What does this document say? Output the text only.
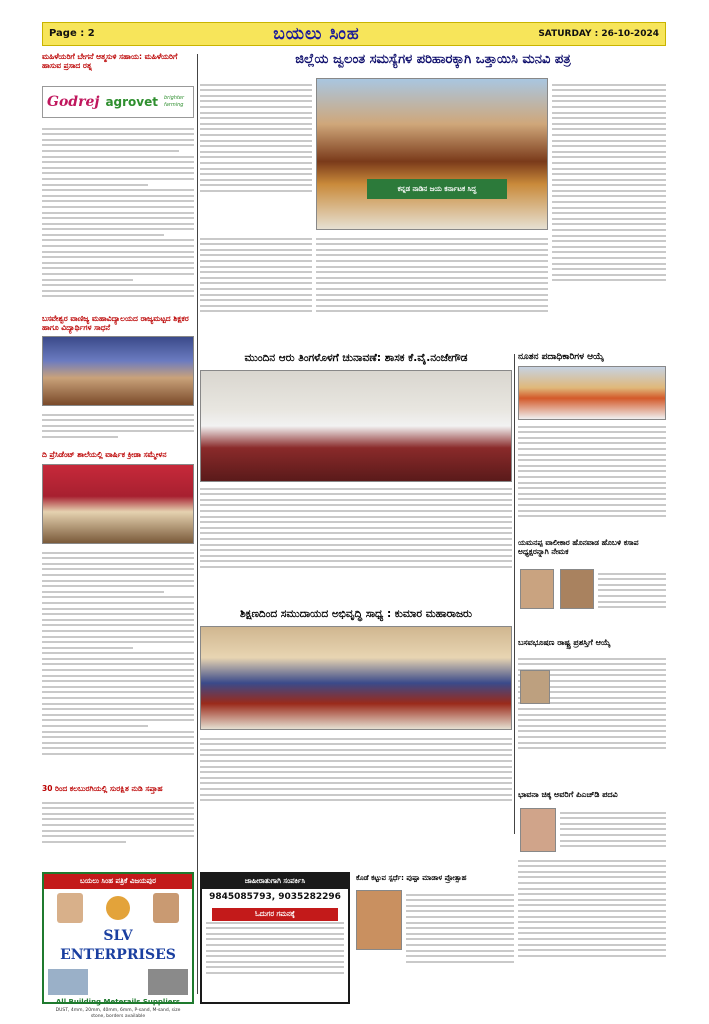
Page : 2	ಬಯಲು ಸಿಂಹ	SATURDAY : 26-10-2024
ಮಹಿಳೆಯರಿಗೆ ಬೇಗನೆ ಆತ್ಮಸುಳಿ ಸಹಾಯ: ಮಹಿಳೆಯರಿಗೆ ಹಾಸುವ ಪ್ರಸಾದ ರತ್ನ
Godrej agrovet brighter farming
ಬಸವೇಶ್ವರ ವಾಣಿಜ್ಯ ಮಹಾವಿದ್ಯಾಲಯದ ರಾಜ್ಯಮಟ್ಟದ ಶಿಕ್ಷಕರ ಹಾಗೂ ವಿದ್ಯಾರ್ಥಿಗಳ ಸಾಧನೆ
ದಿ ಪ್ರೆಸಿಡೆಂಟ್ ಶಾಲೆಯಲ್ಲಿ ವಾರ್ಷಿಕ ಕ್ರೀಡಾ ಸಮ್ಮೇಳನ
30 ರಿಂದ ಕಲಬುರಗಿಯಲ್ಲಿ ಸುರಕ್ಷಿತ ನುಡಿ ಸಪ್ತಾಹ
ಬಯಲು ಸಿಂಹ ಪತ್ರಿಕೆ ವಿಜಯಪುರ
SLV ENTERPRISES
All Building Meterails Suppliers
DUST, 4mm, 20mm, 40mm, 6mm, P-sand, M-sand, size stone, borders available
ಜಿಲ್ಲೆಯ ಜ್ವಲಂತ ಸಮಸ್ಯೆಗಳ ಪರಿಹಾರಕ್ಕಾಗಿ ಒತ್ತಾಯಿಸಿ ಮನವಿ ಪತ್ರ
ಕನ್ನಡ ನಾಡಿನ ಜಯ ಕರ್ನಾಟಕ ಸಿದ್ಧ
ಮುಂದಿನ ಆರು ತಿಂಗಳೊಳಗೆ ಚುನಾವಣೆ: ಶಾಸಕ ಕೆ.ವೈ.ನಂಜೇಗೌಡ	ನೂತನ ಪದಾಧಿಕಾರಿಗಳ ಆಯ್ಕೆ
ಯಮನಪ್ಪ ವಾಲೀಕಾರ ಹೊನವಾಡ ಹೊಬಳಿ ಕಸಾಪ ಅಧ್ಯಕ್ಷರನ್ನಾಗಿ ನೇಮಕ
ಶಿಕ್ಷಣದಿಂದ ಸಮುದಾಯದ ಅಭಿವೃದ್ಧಿ ಸಾಧ್ಯ : ಕುಮಾರ ಮಹಾರಾಜರು
ಬಸವಭೂಷಣ ರಾಷ್ಟ್ರ ಪ್ರಶಸ್ತಿಗೆ ಆಯ್ಕೆ
ಭಾವನಾ ಚಿಕ್ಕ ಅವರಿಗೆ ಪಿಎಚ್‌ಡಿ ಪದವಿ
ಜಾಹೀರಾತುಗಾಗಿ ಸಂಪರ್ಕಿಸಿ
9845085793, 9035282296
ಓದುಗರ ಗಮನಕ್ಕೆ
ಕೊಡೆ ಕಟ್ಟುವ ಸ್ಪರ್ಧೆ: ಪುಷ್ಪಾ ಮಾಡಾಳ ಪ್ರೋತ್ಸಾಹ
